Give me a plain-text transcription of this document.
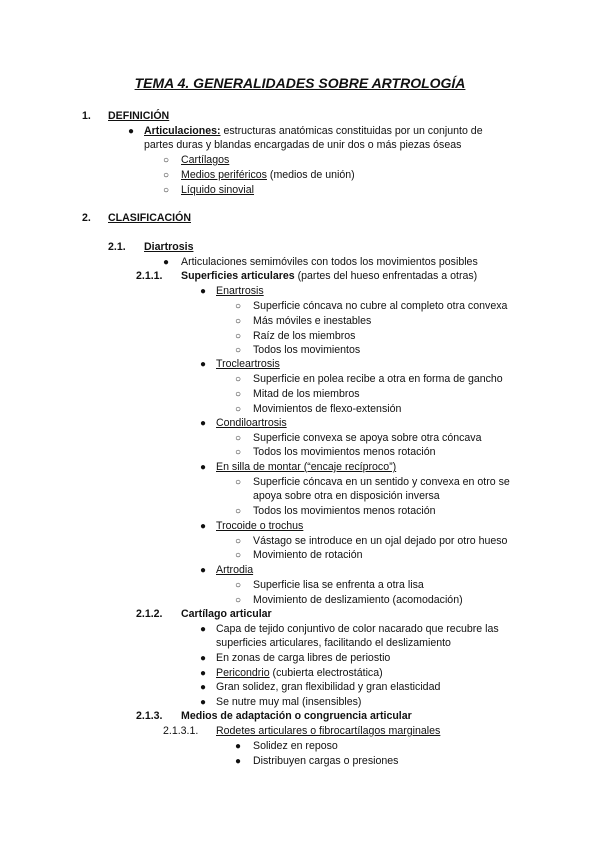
TEMA 4. GENERALIDADES SOBRE ARTROLOGÍA
1. DEFINICIÓN
● Articulaciones: estructuras anatómicas constituidas por un conjunto de
partes duras y blandas encargadas de unir dos o más piezas óseas
○ Cartílagos
○ Medios periféricos (medios de unión)
○ Líquido sinovial
2. CLASIFICACIÓN
2.1. Diartrosis
● Articulaciones semimóviles con todos los movimientos posibles
2.1.1. Superficies articulares (partes del hueso enfrentadas a otras)
● Enartrosis
○ Superficie cóncava no cubre al completo otra convexa
○ Más móviles e inestables
○ Raíz de los miembros
○ Todos los movimientos
● Trocleartrosis
○ Superficie en polea recibe a otra en forma de gancho
○ Mitad de los miembros
○ Movimientos de flexo-extensión
● Condiloartrosis
○ Superficie convexa se apoya sobre otra cóncava
○ Todos los movimientos menos rotación
● En silla de montar (“encaje recíproco”)
○ Superficie cóncava en un sentido y convexa en otro se
apoya sobre otra en disposición inversa
○ Todos los movimientos menos rotación
● Trocoide o trochus
○ Vástago se introduce en un ojal dejado por otro hueso
○ Movimiento de rotación
● Artrodia
○ Superficie lisa se enfrenta a otra lisa
○ Movimiento de deslizamiento (acomodación)
2.1.2. Cartílago articular
● Capa de tejido conjuntivo de color nacarado que recubre las
superficies articulares, facilitando el deslizamiento
● En zonas de carga libres de periostio
● Pericondrio (cubierta electrostática)
● Gran solidez, gran flexibilidad y gran elasticidad
● Se nutre muy mal (insensibles)
2.1.3. Medios de adaptación o congruencia articular
2.1.3.1. Rodetes articulares o fibrocartílagos marginales
● Solidez en reposo
● Distribuyen cargas o presiones
